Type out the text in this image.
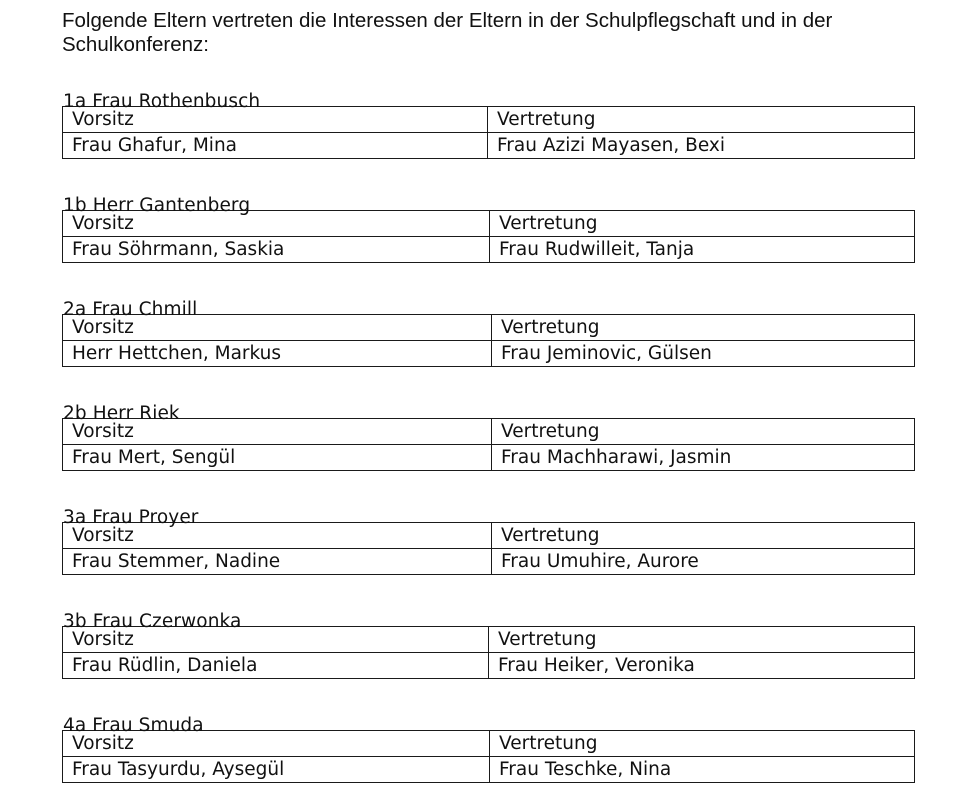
Folgende Eltern vertreten die Interessen der Eltern in der Schulpflegschaft und in der Schulkonferenz:

1a Frau Rothenbusch
Vorsitz	Vertretung
Frau Ghafur, Mina	Frau Azizi Mayasen, Bexi
1b Herr Gantenberg
Vorsitz	Vertretung
Frau Söhrmann, Saskia	Frau Rudwilleit, Tanja
2a Frau Chmill
Vorsitz	Vertretung
Herr Hettchen, Markus	Frau Jeminovic, Gülsen
2b Herr Riek
Vorsitz	Vertretung
Frau Mert, Sengül	Frau Machharawi, Jasmin
3a Frau Proyer
Vorsitz	Vertretung
Frau Stemmer, Nadine	Frau Umuhire, Aurore
3b Frau Czerwonka
Vorsitz	Vertretung
Frau Rüdlin, Daniela	Frau Heiker, Veronika
4a Frau Smuda
Vorsitz	Vertretung
Frau Tasyurdu, Aysegül	Frau Teschke, Nina
